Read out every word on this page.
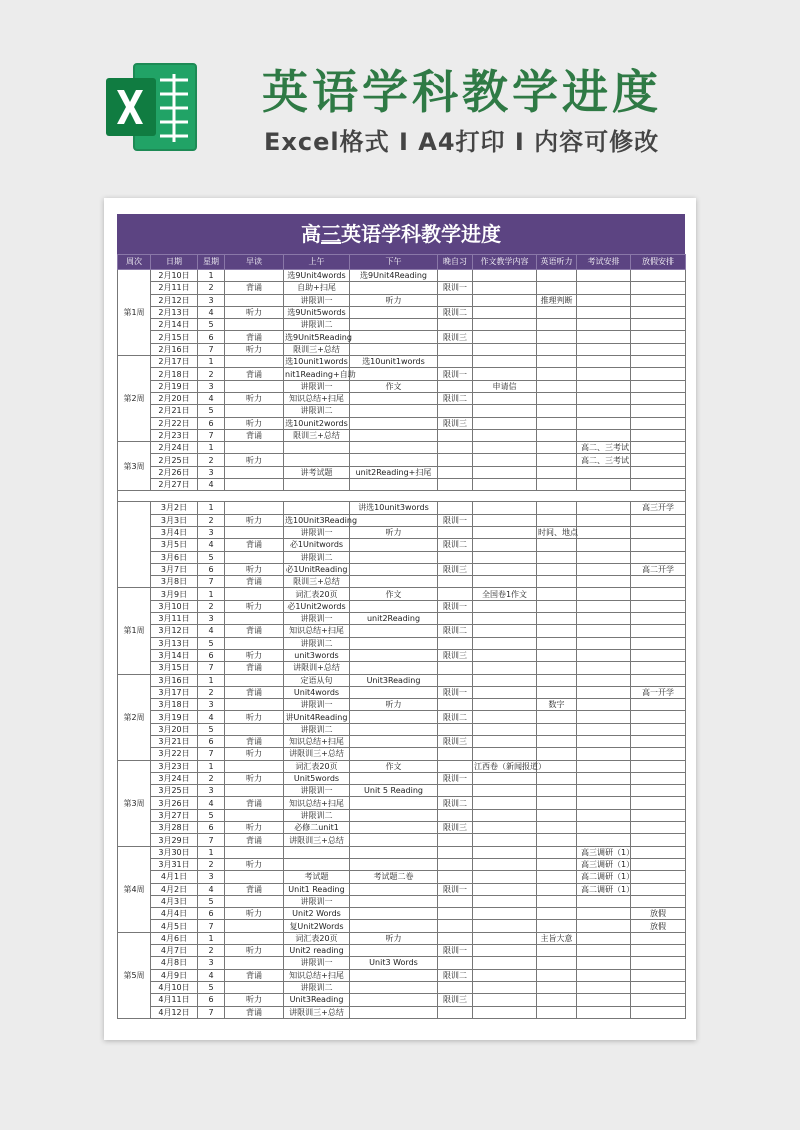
英语学科教学进度
Excel格式 I A4打印 I 内容可修改
高三英语学科教学进度
周次	日期	星期	早读	上午	下午	晚自习	作文教学内容	英语听力	考试安排	放假安排
第1周	2月10日	1		选9Unit4words	选9Unit4Reading					
	2月11日	2	背诵	自助+扫尾		限训一				
	2月12日	3		讲限训一	听力			推理判断		
	2月13日	4	听力	选9Unit5words		限训二				
	2月14日	5		讲限训二						
	2月15日	6	背诵	选9Unit5Reading		限训三				
	2月16日	7	听力	限训三+总结						
第2周	2月17日	1		选10unit1words	选10unit1words					
	2月18日	2	背诵	nit1Reading+自助		限训一				
	2月19日	3		讲限训一	作文		申请信			
	2月20日	4	听力	知识总结+扫尾		限训二				
	2月21日	5		讲限训二						
	2月22日	6	听力	选10unit2words		限训三				
	2月23日	7	背诵	限训三+总结						
第3周	2月24日	1							高二、三考试	
	2月25日	2	听力						高二、三考试	
	2月26日	3		讲考试题	unit2Reading+扫尾					
	2月27日	4								

	3月2日	1			讲选10unit3words					高三开学
	3月3日	2	听力	选10Unit3Reading		限训一				
	3月4日	3		讲限训一	听力			时间、地点		
	3月5日	4	背诵	必1Unitwords		限训二				
	3月6日	5		讲限训二						
	3月7日	6	听力	必1UnitReading		限训三				高二开学
	3月8日	7	背诵	限训三+总结						
第1周	3月9日	1		词汇表20页	作文		全国卷1作文			
	3月10日	2	听力	必1Unit2words		限训一				
	3月11日	3		讲限训一	unit2Reading					
	3月12日	4	背诵	知识总结+扫尾		限训二				
	3月13日	5		讲限训二						
	3月14日	6	听力	unit3words		限训三				
	3月15日	7	背诵	讲限训+总结						
第2周	3月16日	1		定语从句	Unit3Reading					
	3月17日	2	背诵	Unit4words		限训一				高一开学
	3月18日	3		讲限训一	听力			数字		
	3月19日	4	听力	讲Unit4Reading		限训二				
	3月20日	5		讲限训二						
	3月21日	6	背诵	知识总结+扫尾		限训三				
	3月22日	7	听力	讲限训三+总结						
第3周	3月23日	1		词汇表20页	作文		江西卷（新闻报道）			
	3月24日	2	听力	Unit5words		限训一				
	3月25日	3		讲限训一	Unit 5 Reading					
	3月26日	4	背诵	知识总结+扫尾		限训二				
	3月27日	5		讲限训二						
	3月28日	6	听力	必修二unit1		限训三				
	3月29日	7	背诵	讲限训三+总结						
第4周	3月30日	1							高三调研（1）	
	3月31日	2	听力						高三调研（1）	
	4月1日	3		考试题	考试题二卷				高二调研（1）	
	4月2日	4	背诵	Unit1 Reading		限训一			高二调研（1）	
	4月3日	5		讲限训一						
	4月4日	6	听力	Unit2 Words						放假
	4月5日	7		复Unit2Words						放假
第5周	4月6日	1		词汇表20页	听力			主旨大意		
	4月7日	2	听力	Unit2 reading		限训一				
	4月8日	3		讲限训一	Unit3 Words					
	4月9日	4	背诵	知识总结+扫尾		限训二				
	4月10日	5		讲限训二						
	4月11日	6	听力	Unit3Reading		限训三				
	4月12日	7	背诵	讲限训三+总结						
